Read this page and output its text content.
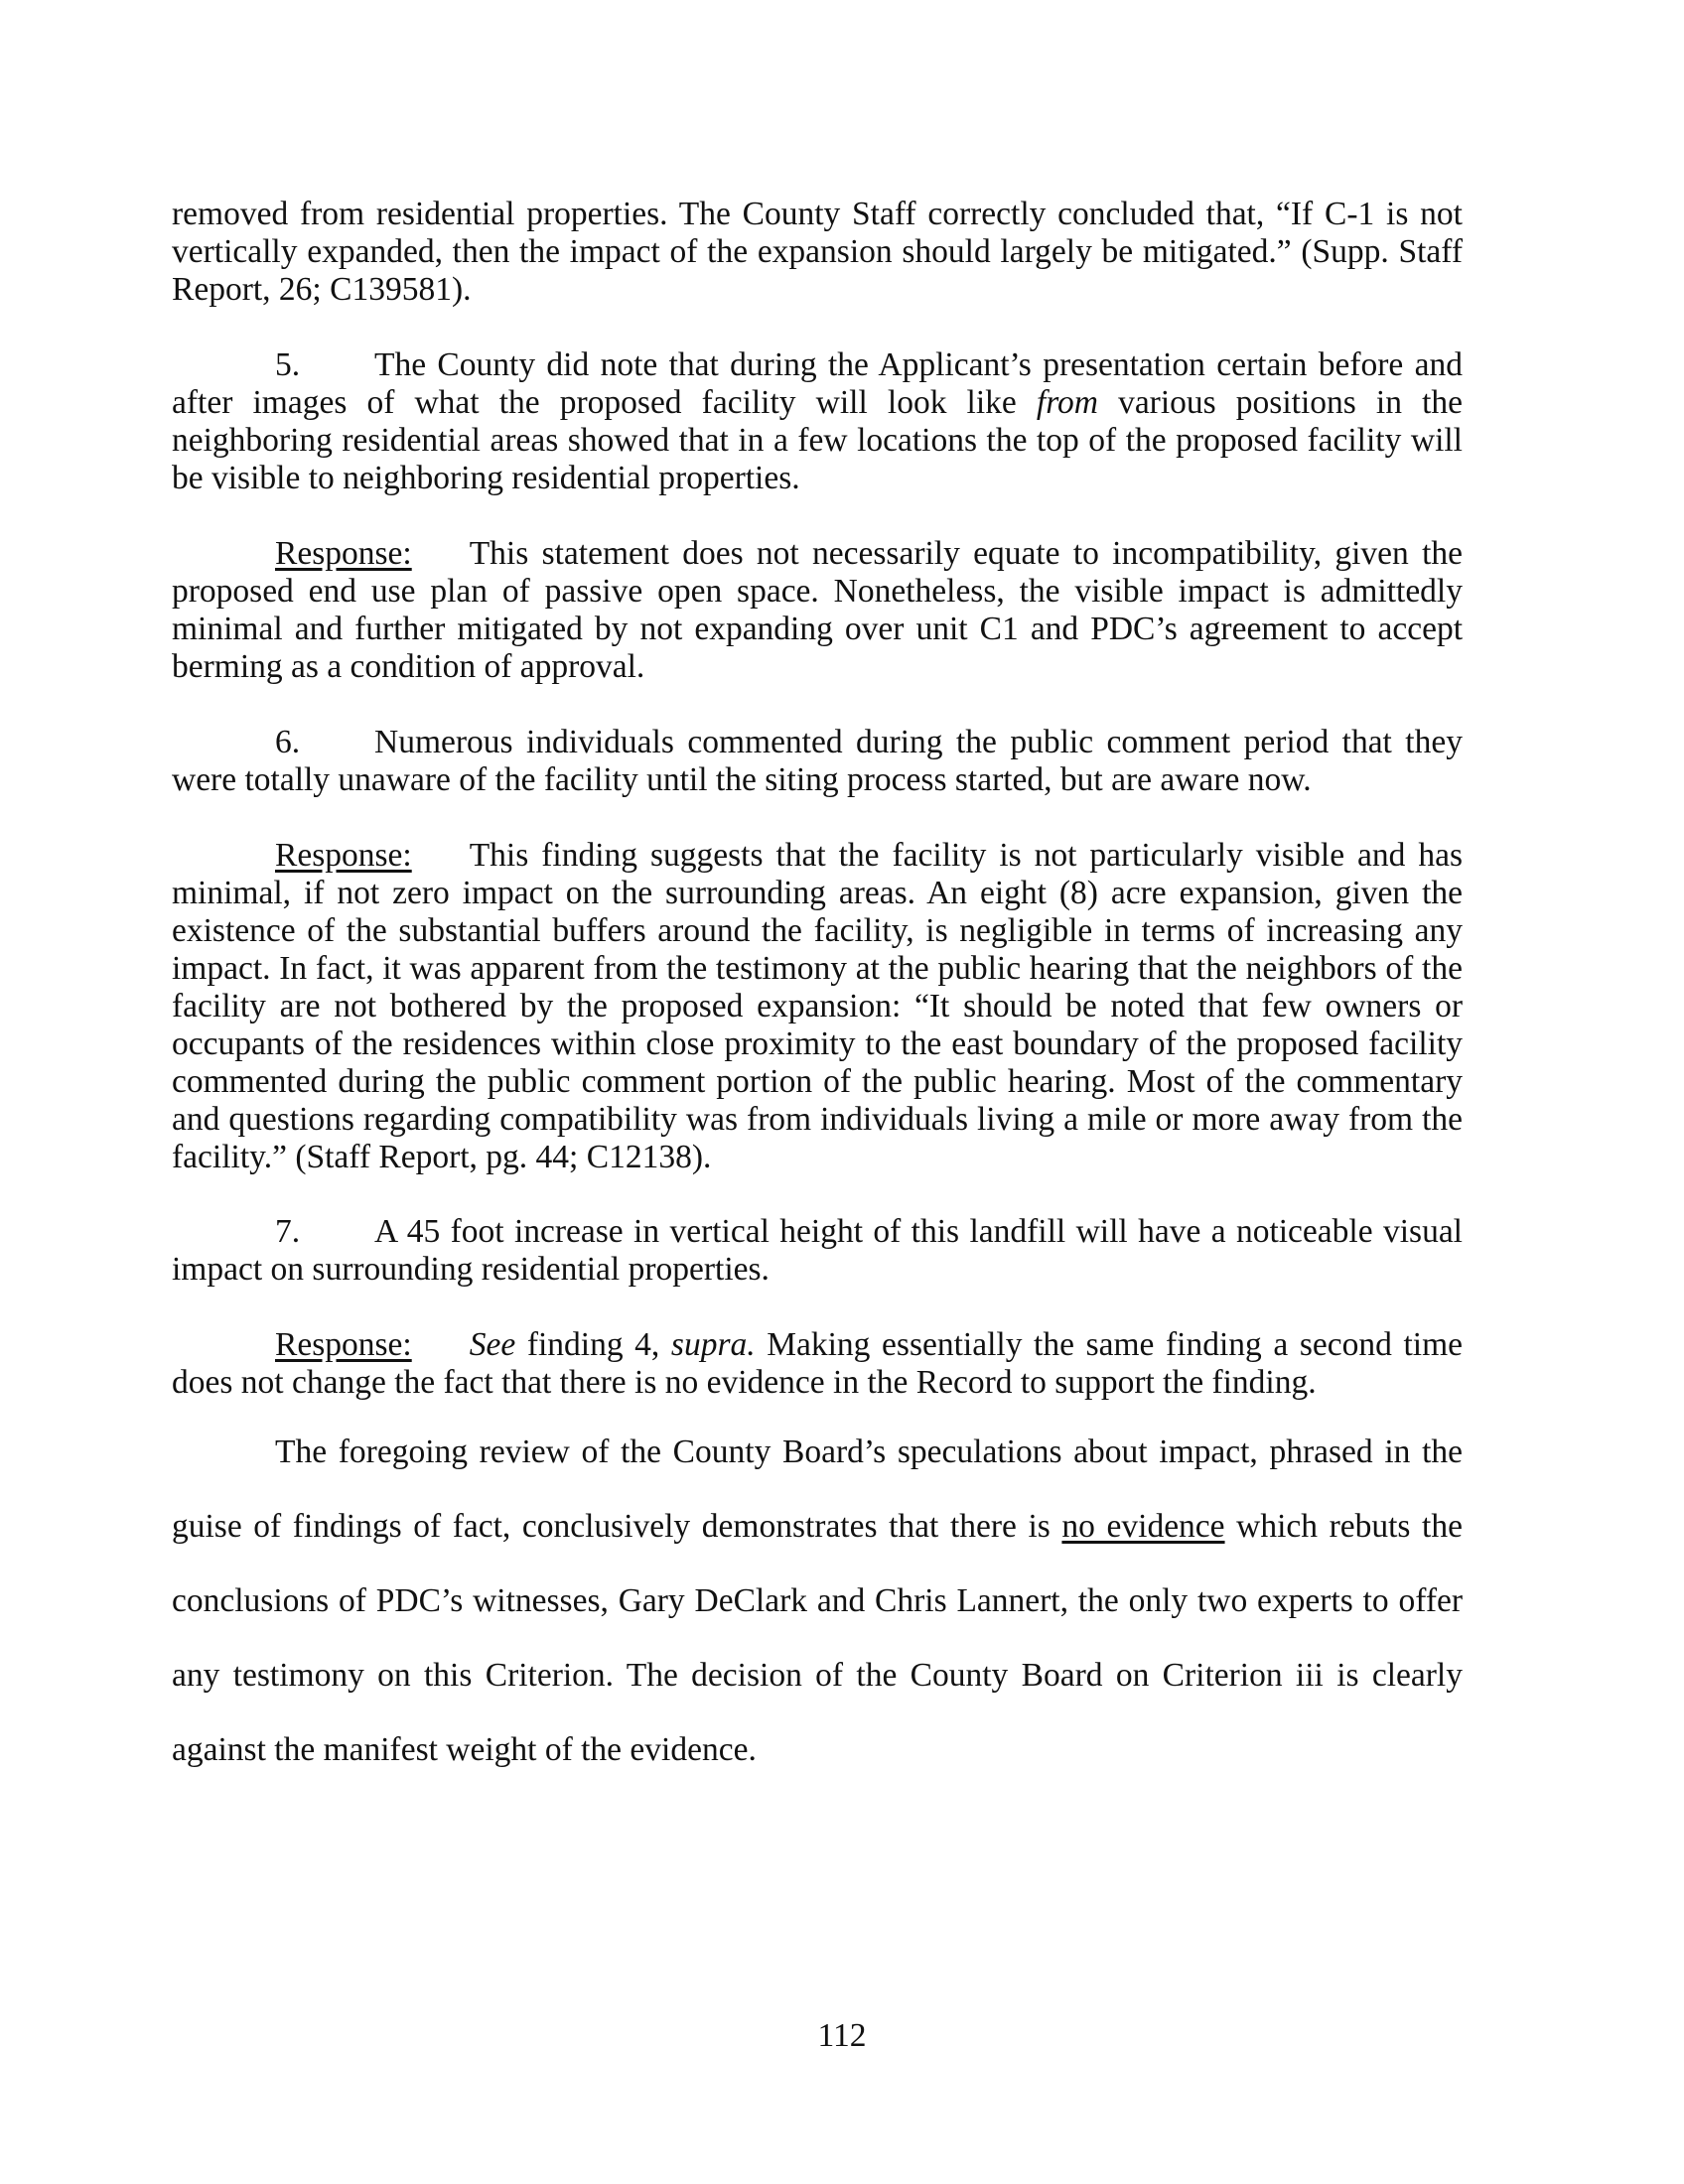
removed from residential properties. The County Staff correctly concluded that, “If C-1 is not vertically expanded, then the impact of the expansion should largely be mitigated.” (Supp. Staff Report, 26; C139581).

5. The County did note that during the Applicant’s presentation certain before and after images of what the proposed facility will look like from various positions in the neighboring residential areas showed that in a few locations the top of the proposed facility will be visible to neighboring residential properties.

Response: This statement does not necessarily equate to incompatibility, given the proposed end use plan of passive open space. Nonetheless, the visible impact is admittedly minimal and further mitigated by not expanding over unit C1 and PDC’s agreement to accept berming as a condition of approval.

6. Numerous individuals commented during the public comment period that they were totally unaware of the facility until the siting process started, but are aware now.

Response: This finding suggests that the facility is not particularly visible and has minimal, if not zero impact on the surrounding areas. An eight (8) acre expansion, given the existence of the substantial buffers around the facility, is negligible in terms of increasing any impact. In fact, it was apparent from the testimony at the public hearing that the neighbors of the facility are not bothered by the proposed expansion: “It should be noted that few owners or occupants of the residences within close proximity to the east boundary of the proposed facility commented during the public comment portion of the public hearing. Most of the commentary and questions regarding compatibility was from individuals living a mile or more away from the facility.” (Staff Report, pg. 44; C12138).

7. A 45 foot increase in vertical height of this landfill will have a noticeable visual impact on surrounding residential properties.

Response: See finding 4, supra. Making essentially the same finding a second time does not change the fact that there is no evidence in the Record to support the finding.

The foregoing review of the County Board’s speculations about impact, phrased in the guise of findings of fact, conclusively demonstrates that there is no evidence which rebuts the conclusions of PDC’s witnesses, Gary DeClark and Chris Lannert, the only two experts to offer any testimony on this Criterion. The decision of the County Board on Criterion iii is clearly against the manifest weight of the evidence.

112
